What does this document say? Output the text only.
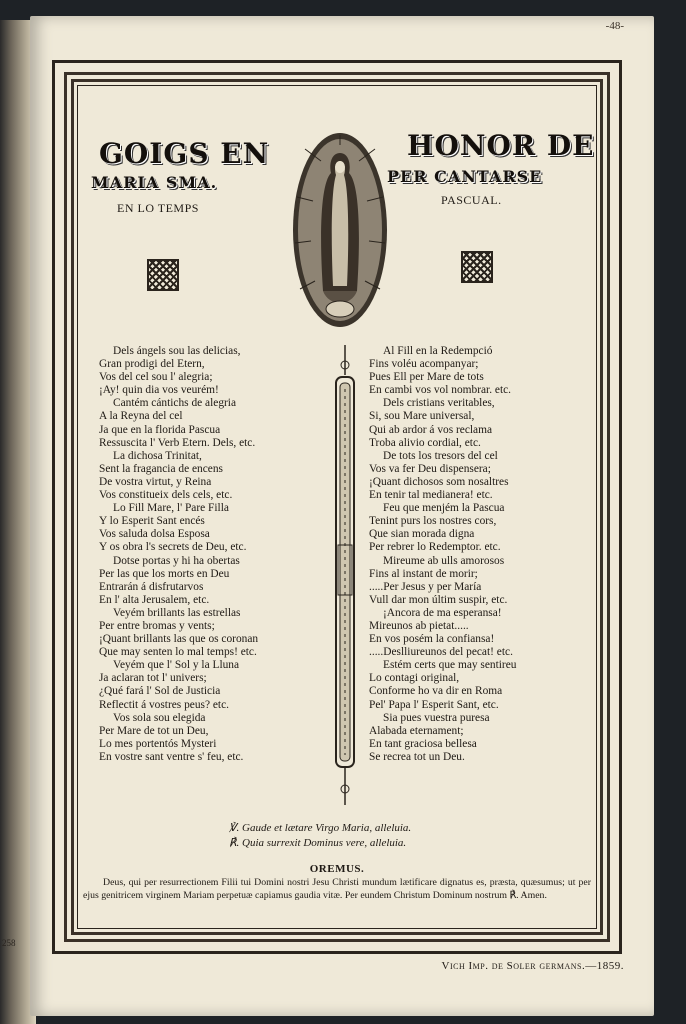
258
-48-
GOIGS EN
MARIA SMA.
EN LO TEMPS
HONOR DE
PER CANTARSE
PASCUAL.
Dels ángels sou las delicias,
Gran prodigi del Etern,
Vos del cel sou l' alegria;
¡Ay! quin dia vos veurém!
Cantém cántichs de alegria
A la Reyna del cel
Ja que en la florida Pascua
Ressuscita l' Verb Etern. Dels, etc.
La dichosa Trinitat,
Sent la fragancia de encens
De vostra virtut, y Reina
Vos constitueix dels cels, etc.
Lo Fill Mare, l' Pare Filla
Y lo Esperit Sant encés
Vos saluda dolsa Esposa
Y os obra l's secrets de Deu, etc.
Dotse portas y hi ha obertas
Per las que los morts en Deu
Entrarán á disfrutarvos
En l' alta Jerusalem, etc.
Veyém brillants las estrellas
Per entre bromas y vents;
¡Quant brillants las que os coronan
Que may senten lo mal temps! etc.
Veyém que l' Sol y la Lluna
Ja aclaran tot l' univers;
¿Qué fará l' Sol de Justicia
Reflectit á vostres peus? etc.
Vos sola sou elegida
Per Mare de tot un Deu,
Lo mes portentós Mysteri
En vostre sant ventre s' feu, etc.
Al Fill en la Redempció
Fins voléu acompanyar;
Pues Ell per Mare de tots
En cambi vos vol nombrar. etc.
Dels cristians veritables,
Si, sou Mare universal,
Qui ab ardor á vos reclama
Troba alivio cordial, etc.
De tots los tresors del cel
Vos va fer Deu dispensera;
¡Quant dichosos som nosaltres
En tenir tal medianera! etc.
Feu que menjém la Pascua
Tenint purs los nostres cors,
Que sian morada digna
Per rebrer lo Redemptor. etc.
Mireume ab ulls amorosos
Fins al instant de morir;
.....Per Jesus y per María
Vull dar mon últim suspir, etc.
¡Ancora de ma esperansa!
Mireunos ab pietat.....
En vos posém la confiansa!
.....Deslliureunos del pecat! etc.
Estém certs que may sentireu
Lo contagi original,
Conforme ho va dir en Roma
Pel' Papa l' Esperit Sant, etc.
Sia pues vuestra puresa
Alabada eternament;
En tant graciosa bellesa
Se recrea tot un Deu.
℣. Gaude et lætare Virgo Maria, alleluia.
℟. Quia surrexit Dominus vere, alleluia.
OREMUS.
Deus, qui per resurrectionem Filii tui Domini nostri Jesu Christi mundum lætificare dignatus es, præsta, quæsumus; ut per ejus genitricem virginem Mariam perpetuæ capiamus gaudia vitæ. Per eundem Christum Dominum nostrum ℟. Amen.
Vich Imp. de Soler germans.—1859.
